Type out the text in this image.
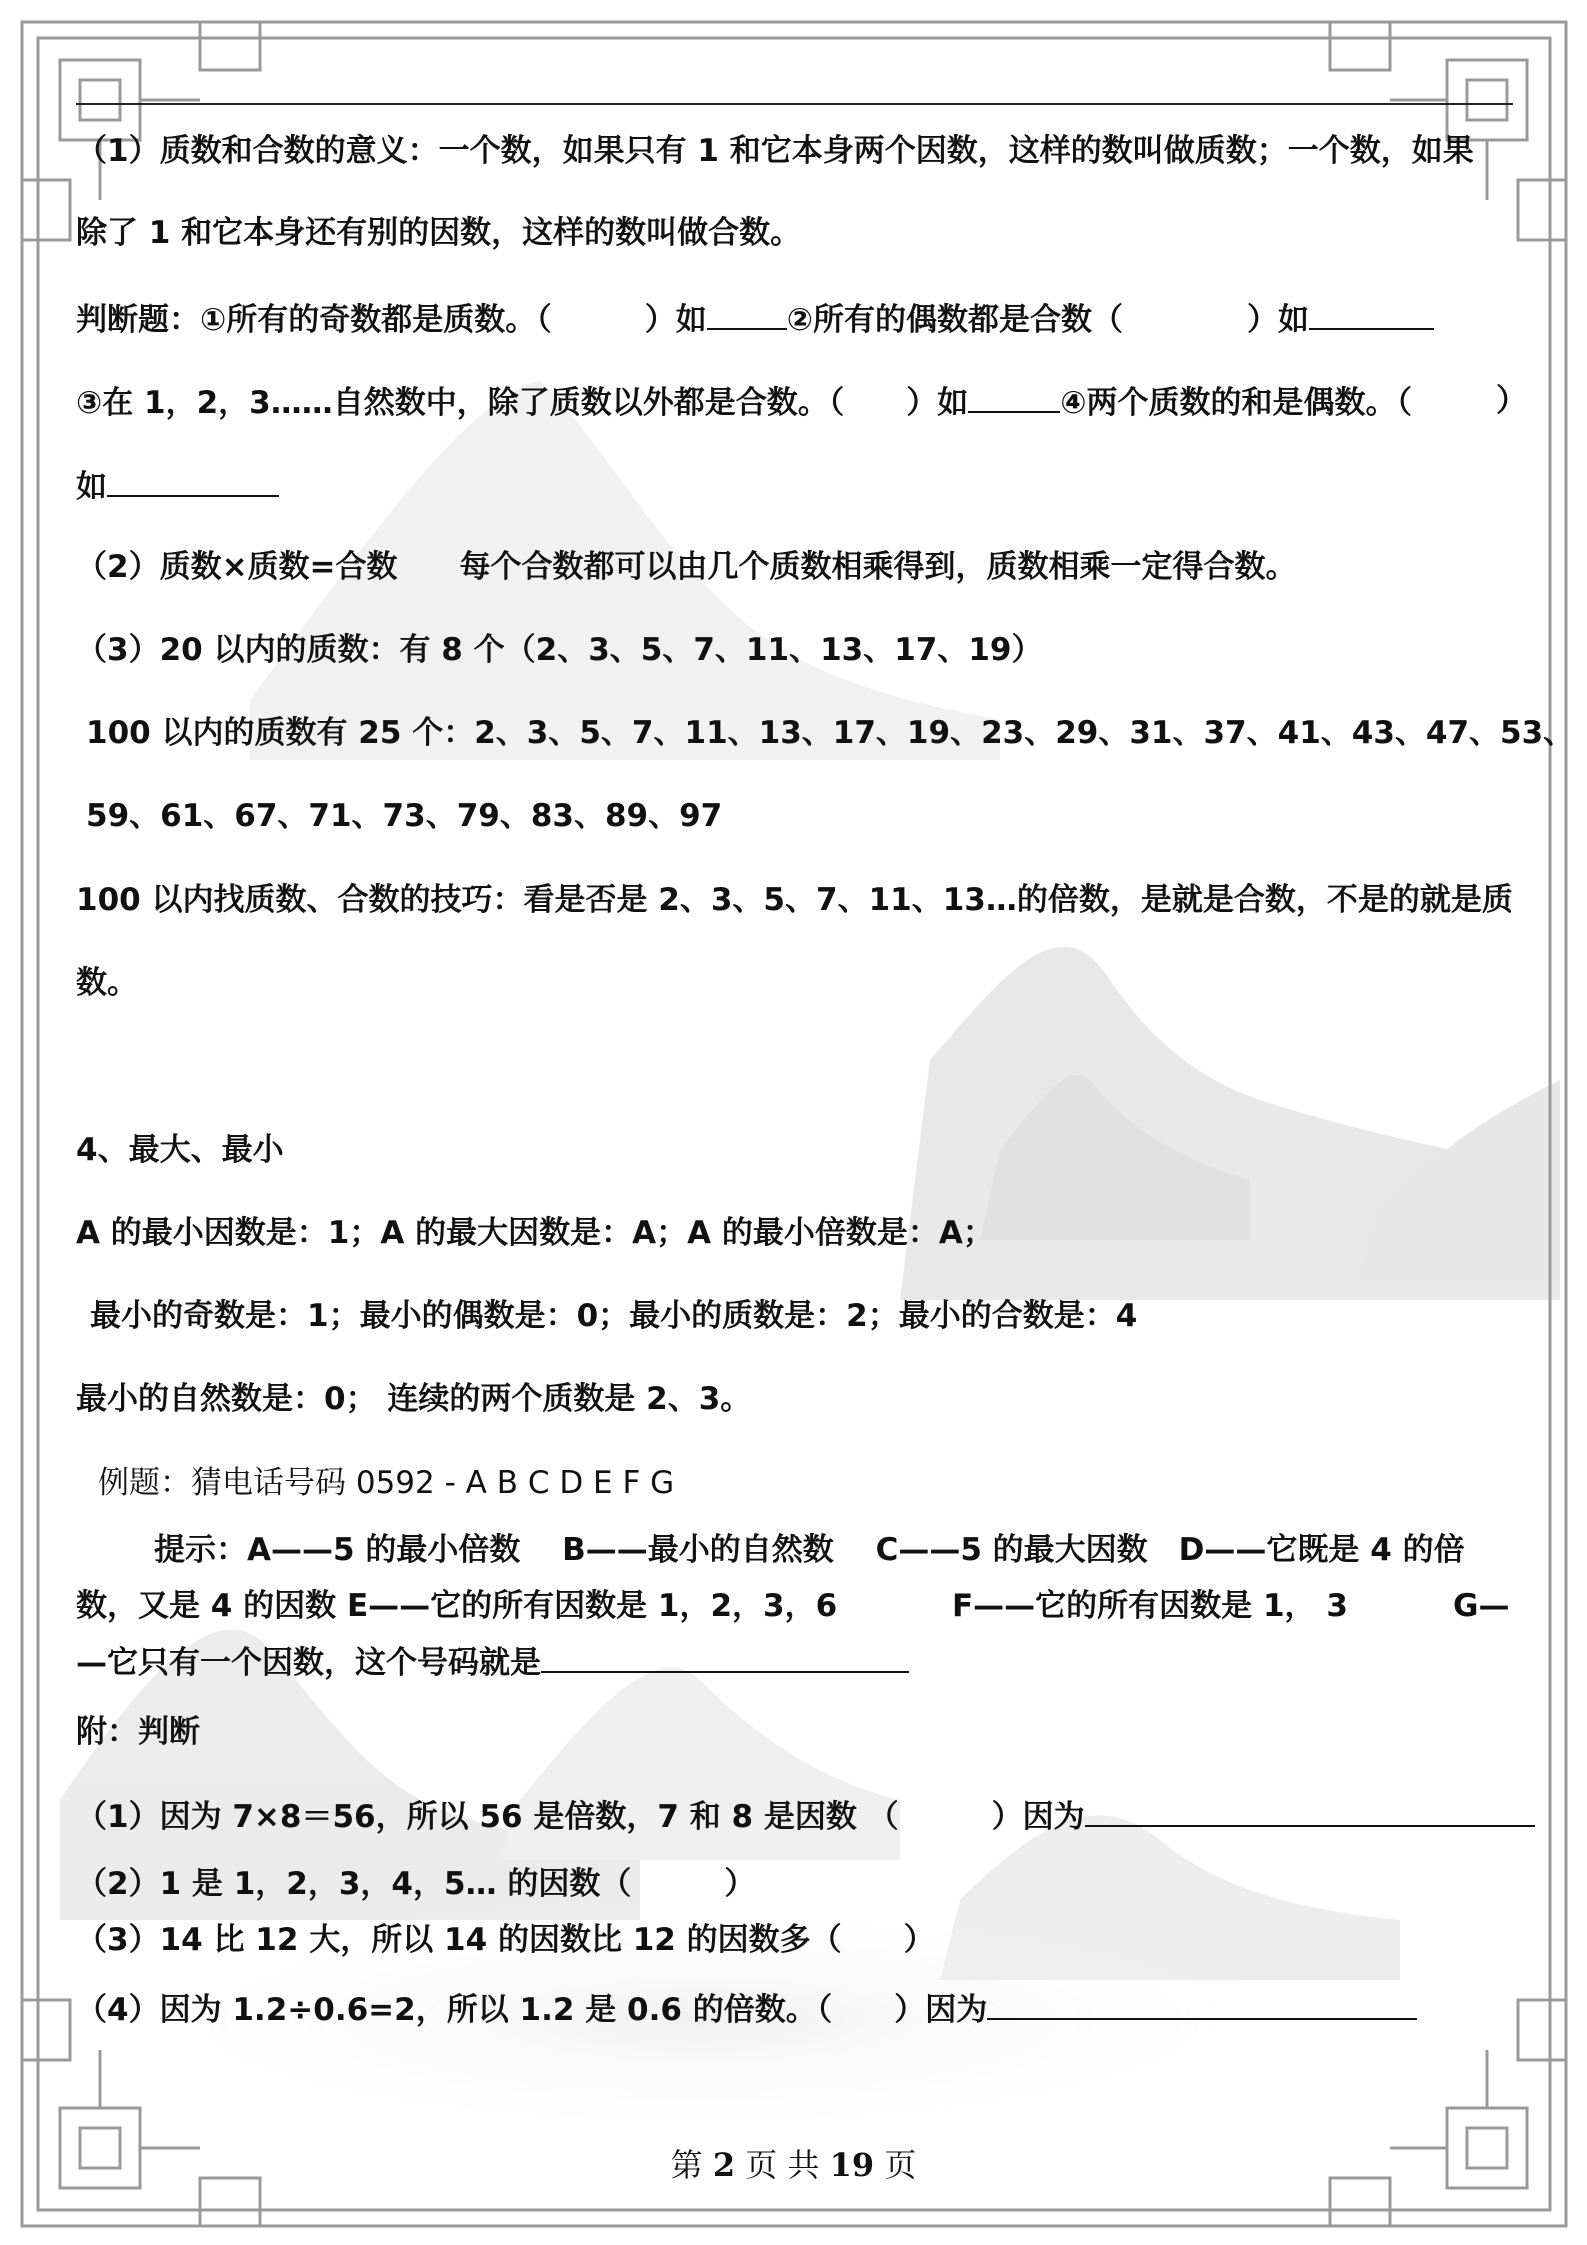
（1）质数和合数的意义：一个数，如果只有 1 和它本身两个因数，这样的数叫做质数；一个数，如果
除了 1 和它本身还有别的因数，这样的数叫做合数。
判断题：①所有的奇数都是质数。（　　　）如	②所有的偶数都是合数（　　　　）如
③在 1，2，3……自然数中，除了质数以外都是合数。（　　）如	④两个质数的和是偶数。（	）
如
（2）质数×质数=合数　　每个合数都可以由几个质数相乘得到，质数相乘一定得合数。
（3）20 以内的质数：有 8 个（2、3、5、7、11、13、17、19）
100 以内的质数有 25 个：2、3、5、7、11、13、17、19、23、29、31、37、41、43、47、53、
59、61、67、71、73、79、83、89、97
100 以内找质数、合数的技巧：看是否是 2、3、5、7、11、13…的倍数，是就是合数，不是的就是质
数。
4、最大、最小
A 的最小因数是：1；A 的最大因数是：A；A 的最小倍数是：A；
最小的奇数是：1；最小的偶数是：0；最小的质数是：2；最小的合数是：4
最小的自然数是：0； 连续的两个质数是 2、3。
例题：猜电话号码 0592 - A B C D E F G
提示：A——5 的最小倍数　 B——最小的自然数　 C——5 的最大因数　D——它既是 4 的倍
数，又是 4 的因数 E——它的所有因数是 1，2，3，6	F——它的所有因数是 1， 3	G—
—它只有一个因数，这个号码就是
附：判断
（1）因为 7×8＝56，所以 56 是倍数，7 和 8 是因数 （　　　）因为
（2）1 是 1，2，3，4，5… 的因数（　　　）
（3）14 比 12 大，所以 14 的因数比 12 的因数多（　　）
（4）因为 1.2÷0.6=2，所以 1.2 是 0.6 的倍数。（　　）因为
第 2 页 共 19 页
